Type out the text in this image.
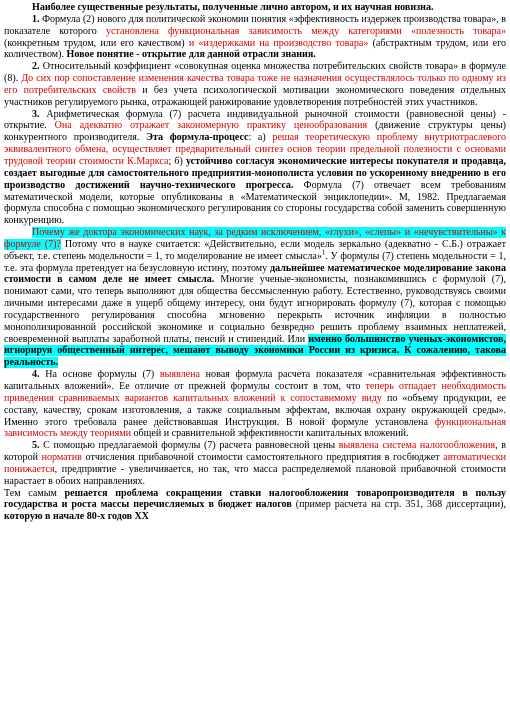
Наиболее существенные результаты, полученные лично автором, и их научная новизна.
1. Формула (2) нового для политической экономии понятия «эффективность издержек производства товара», в показателе которого установлена функциональная зависимость между категориями «полезность товара» (конкретным трудом, или его качеством) и «издержками на производство товара» (абстрактным трудом, или его количеством). Новое понятие - открытие для данной отрасли знания.
2. Относительный коэффициент «совокупная оценка множества потребительских свойств товара» в формуле (8). До сих пор сопоставление изменения качества товара тоже не назначения осуществлялось только по одному из его потребительских свойств и без учета психологической мотивации экономического поведения отдельных участников регулируемого рынка, отражающей ранжирование удовлетворения потребностей этих участников.
3. Арифметическая формула (7) расчета индивидуальной рыночной стоимости (равновесной цены) - открытие. Она адекватно отражает закономерную практику ценообразования (движение структуры цены) конкурентного производителя. Эта формула-процесс: а) решая теоретическую проблему внутриотраслевого эквивалентного обмена, осуществляет предварительный синтез основ теории предельной полезности с основами трудовой теории стоимости К.Маркса; б) устойчиво согласуя экономические интересы покупателя и продавца, создает выгодные для самостоятельного предприятия-монополиста условия по ускоренному внедрению в его производство достижений научно-технического прогресса. Формула (7) отвечает всем требованиям математической модели, которые опубликованы в «Математической энциклопедии». М, 1982. Предлагаемая формула способна с помощью экономического регулирования со стороны государства собой заменить совершенную конкуренцию.
Почему же доктора экономических наук, за редким исключением, «глухи», «слепы» и «нечувствительны» к формуле (7)? Потому что в науке считается: «Действительно, если модель зеркально (адекватно - С.Б.) отражает объект, т.е. степень модельности = 1, то моделирование не имеет смысла»$^1$. У формулы (7) степень модельности = 1, т.е. эта формула претендует на безусловную истину, поэтому дальнейшее математическое моделирование закона стоимости в самом деле не имеет смысла. Многие ученые-экономисты, познакомившись с формулой (7), понимают сами, что теперь выполняют для общества бессмысленную работу. Естественно, руководствуясь своими личными интересами даже в ущерб общему интересу, они будут игнорировать формулу (7), которая с помощью государственного регулирования способна мгновенно перекрыть источник инфляции в полностью монополизированной российской экономике и социально безвредно решить проблему взаимных неплатежей, своевременной выплаты заработной платы, пенсий и стипендий. Или именно большинство ученых-экономистов, игнорируя общественный интерес, мешают выводу экономики России из кризиса. К сожалению, такова реальность.
4. На основе формулы (7) выявлена новая формула расчета показателя «сравнительная эффективность капитальных вложений». Ее отличие от прежней формулы состоит в том, что теперь отпадает необходимость приведения сравниваемых вариантов капитальных вложений к сопоставимому виду по «объему продукции, ее составу, качеству, срокам изготовления, а также социальным эффектам, включая охрану окружающей среды». Именно этого требовала ранее действовавшая Инструкция. В новой формуле установлена функциональная зависимость между теориями общей и сравнительной эффективности капитальных вложений.
5. С помощью предлагаемой формулы (7) расчета равновесной цены выявлена система налогообложения, в которой норматив отчисления прибавочной стоимости самостоятельного предприятия в госбюджет автоматически понижается, предприятие - увеличивается, но так, что масса распределяемой плановой прибавочной стоимости нарастает в обоих направлениях.
Тем самым решается проблема сокращения ставки налогообложения товаропроизводителя в пользу государства и роста массы перечисляемых в бюджет налогов (пример расчета на стр. 351, 368 диссертации), которую в начале 80-х годов XX
